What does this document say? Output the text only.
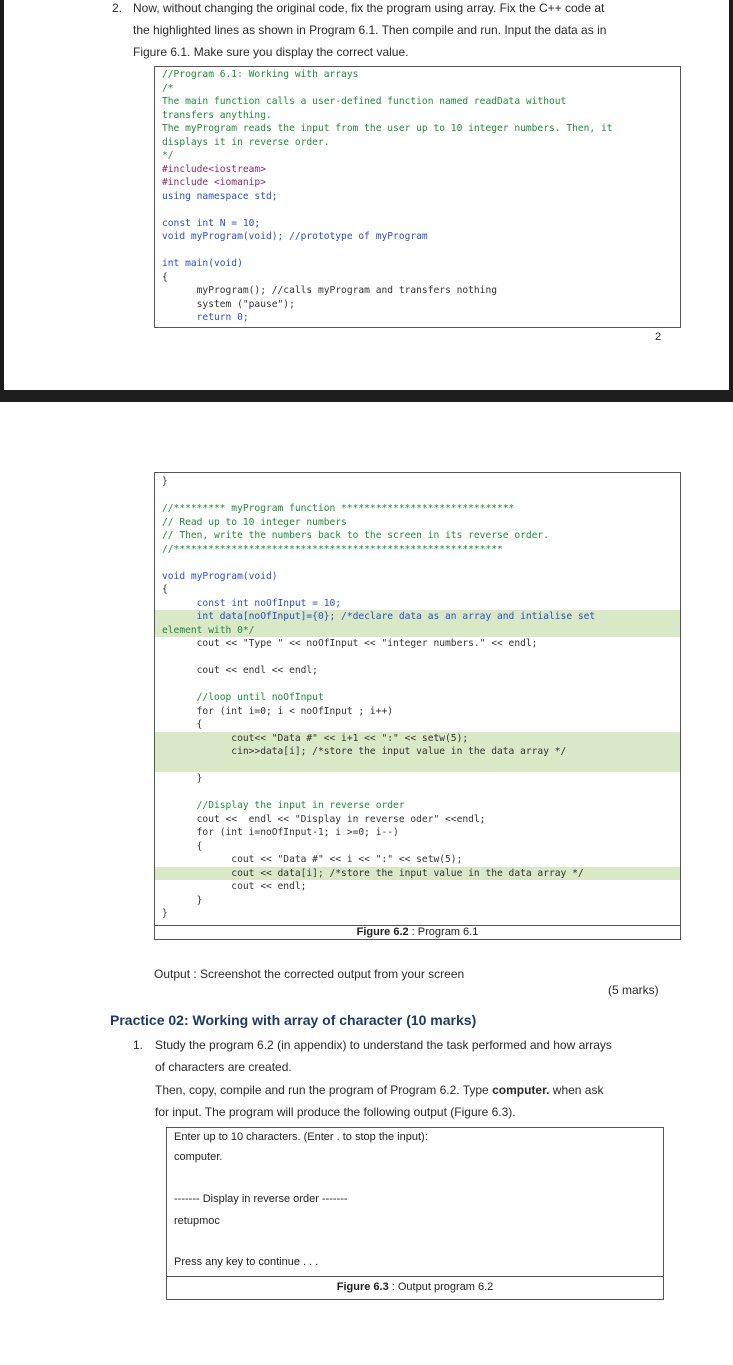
2. Now, without changing the original code, fix the program using array. Fix the C++ code at
the highlighted lines as shown in Program 6.1. Then compile and run. Input the data as in
Figure 6.1. Make sure you display the correct value.
//Program 6.1: Working with arrays
/*
The main function calls a user-defined function named readData without
transfers anything.
The myProgram reads the input from the user up to 10 integer numbers. Then, it
displays it in reverse order.
*/
#include<iostream>
#include <iomanip>
using namespace std;
const int N = 10;
void myProgram(void); //prototype of myProgram
int main(void)
{
myProgram(); //calls myProgram and transfers nothing
system ("pause");
return 0;
2
}
//********* myProgram function ******************************
// Read up to 10 integer numbers
// Then, write the numbers back to the screen in its reverse order.
//*********************************************************
void myProgram(void)
{
const int noOfInput = 10;
int data[noOfInput]={0}; /*declare data as an array and intialise set
element with 0*/
cout << "Type " << noOfInput << "integer numbers." << endl;
cout << endl << endl;
//loop until noOfInput
for (int i=0; i < noOfInput ; i++)
{
cout<< "Data #" << i+1 << ":" << setw(5);
cin>>data[i]; /*store the input value in the data array */
}
//Display the input in reverse order
cout <<  endl << "Display in reverse oder" <<endl;
for (int i=noOfInput-1; i >=0; i--)
{
cout << "Data #" << i << ":" << setw(5);
cout << data[i]; /*store the input value in the data array */
cout << endl;
}
}
Figure 6.2 : Program 6.1
Output : Screenshot the corrected output from your screen
(5 marks)
Practice 02: Working with array of character (10 marks)
1. Study the program 6.2 (in appendix) to understand the task performed and how arrays
of characters are created.
Then, copy, compile and run the program of Program 6.2. Type computer. when ask
for input. The program will produce the following output (Figure 6.3).
Enter up to 10 characters. (Enter . to stop the input):
computer.
------- Display in reverse order -------
retupmoc
Press any key to continue . . .
Figure 6.3 : Output program 6.2
